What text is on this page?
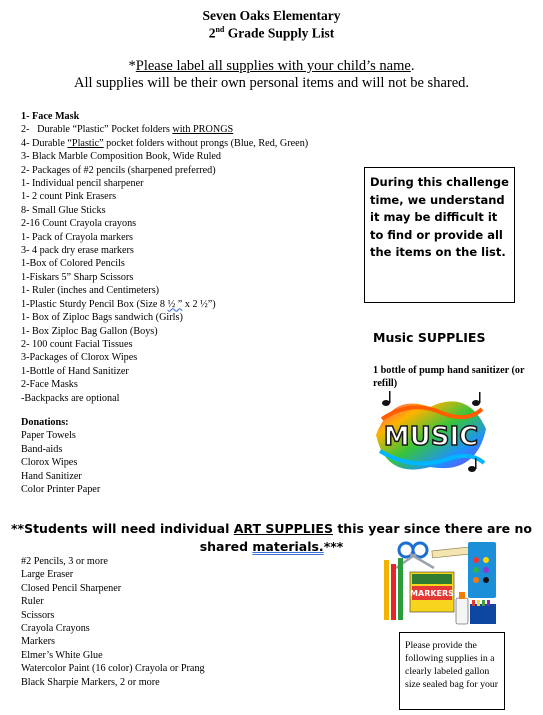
Seven Oaks Elementary
2nd Grade Supply List
*Please label all supplies with your child’s name.
All supplies will be their own personal items and will not be shared.
1- Face Mask
2-   Durable “Plastic” Pocket folders with PRONGS
4- Durable “Plastic” pocket folders without prongs (Blue, Red, Green)
3- Black Marble Composition Book, Wide Ruled
2- Packages of #2 pencils (sharpened preferred)
1- Individual pencil sharpener
1- 2 count Pink Erasers
8- Small Glue Sticks
2-16 Count Crayola crayons
1- Pack of Crayola markers
3- 4 pack dry erase markers
1-Box of Colored Pencils
1-Fiskars 5” Sharp Scissors
1- Ruler (inches and Centimeters)
1-Plastic Sturdy Pencil Box (Size 8 ½ ” x 2 ½”)
1- Box of Ziploc Bags sandwich (Girls)
1- Box Ziploc Bag Gallon (Boys)
2- 100 count Facial Tissues
3-Packages of Clorox Wipes
1-Bottle of Hand Sanitizer
2-Face Masks
-Backpacks are optional
Donations:
Paper Towels
Band-aids
Clorox Wipes
Hand Sanitizer
Color Printer Paper
During this challenge time, we understand it may be difficult it to find or provide all the items on the list.
Music SUPPLIES
1 bottle of pump hand sanitizer (or refill)
MUSIC
**Students will need individual ART SUPPLIES this year since there are no shared materials.***
#2 Pencils, 3 or more
Large Eraser
Closed Pencil Sharpener
Ruler
Scissors
Crayola Crayons
Markers
Elmer’s White Glue
Watercolor Paint (16 color) Crayola or Prang
Black Sharpie Markers, 2 or more
MARKERS
Please provide the following supplies in a clearly labeled gallon size sealed bag for your
